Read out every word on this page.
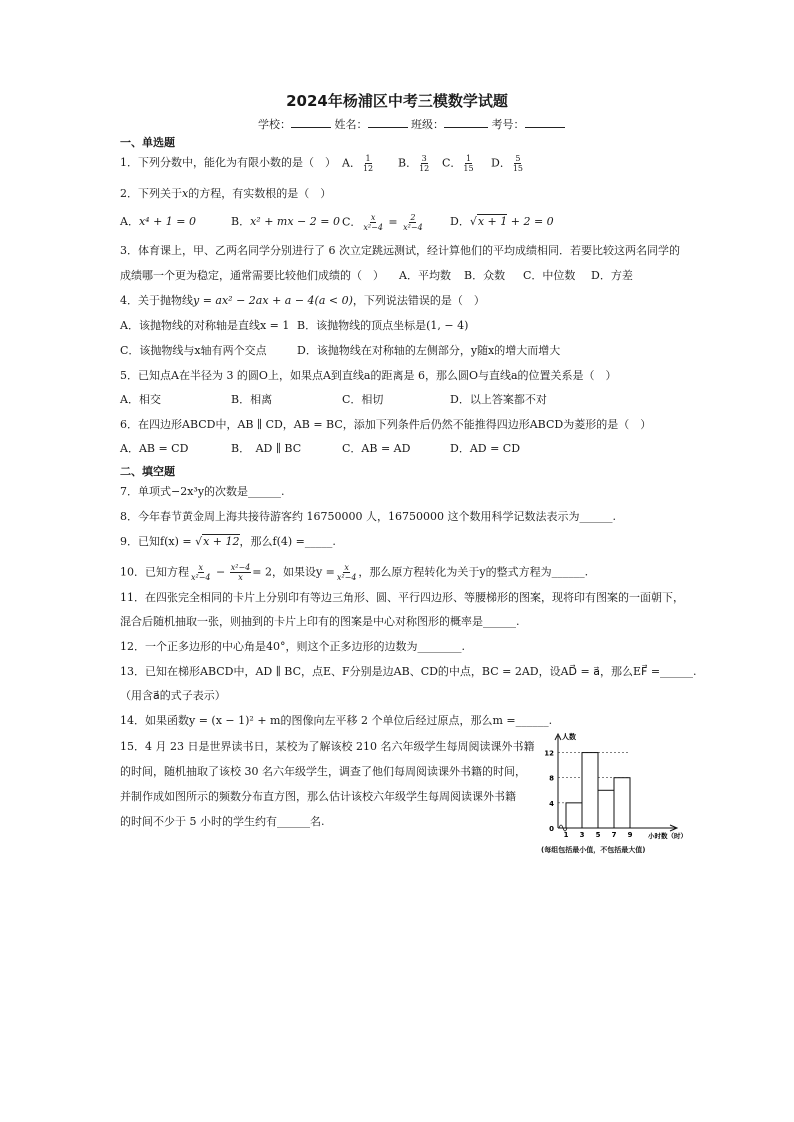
2024年杨浦区中考三模数学试题
学校：	姓名：	班级：	考号：
一、单选题
1．下列分数中，能化为有限小数的是（　） A． $\frac{1}{12}$ B． $\frac{3}{12}$ C． $\frac{1}{15}$ D． $\frac{5}{15}$
2．下列关于x的方程，有实数根的是（　）
A．x⁴ + 1 = 0	B．x² + mx − 2 = 0 C． $\frac{x}{\text{x²−4}} = \frac{2}{\text{x²−4}}$ D．√x + 1 + 2 = 0
3．体育课上，甲、乙两名同学分别进行了 6 次立定跳远测试，经计算他们的平均成绩相同．若要比较这两名同学的
成绩哪一个更为稳定，通常需要比较他们成绩的（　） A．平均数 B．众数 C．中位数 D．方差
4．关于抛物线y = ax² − 2ax + a − 4(a < 0)，下列说法错误的是（　）
A．该抛物线的对称轴是直线x = 1 B．该抛物线的顶点坐标是(1, − 4)
C．该抛物线与x轴有两个交点	D．该抛物线在对称轴的左侧部分，y随x的增大而增大
5．已知点A在半径为 3 的圆O上，如果点A到直线a的距离是 6，那么圆O与直线a的位置关系是（　）
A．相交	B．相离	C．相切	D．以上答案都不对
6．在四边形ABCD中，AB ∥ CD，AB = BC，添加下列条件后仍然不能推得四边形ABCD为菱形的是（　）
A．AB = CD	B．　AD ∥ BC	C．AB = AD	D．AD = CD
二、填空题
7．单项式−2x³y的次数是______.
8．今年春节黄金周上海共接待游客约 16750000 人，16750000 这个数用科学记数法表示为______.
9．已知f(x) = √x + 12，那么f(4) =_____.
10．已知方程 $\frac{x}{\text{x²−4}} - \frac{\text{x²−4}}{x} = 2$，如果设$y = \frac{x}{\text{x²−4}}$ ，那么原方程转化为关于y的整式方程为______.
11．在四张完全相同的卡片上分别印有等边三角形、圆、平行四边形、等腰梯形的图案，现将印有图案的一面朝下，
混合后随机抽取一张，则抽到的卡片上印有的图案是中心对称图形的概率是______.
12．一个正多边形的中心角是40°，则这个正多边形的边数为________.
13．已知在梯形ABCD中，AD ∥ BC，点E、F分别是边AB、CD的中点，BC = 2AD，设AD⃗ = a⃗，那么EF⃗ =______.
（用含a⃗的式子表示）
14．如果函数y = (x − 1)² + m的图像向左平移 2 个单位后经过原点，那么m =______.
15．4 月 23 日是世界读书日，某校为了解该校 210 名六年级学生每周阅读课外书籍
的时间，随机抽取了该校 30 名六年级学生，调查了他们每周阅读课外书籍的时间，
并制作成如图所示的频数分布直方图，那么估计该校六年级学生每周阅读课外书籍
的时间不少于 5 小时的学生约有______名.
0
4
8
12
1 3 5 7 9
人数
小时数（时）
(每组包括最小值，不包括最大值)
